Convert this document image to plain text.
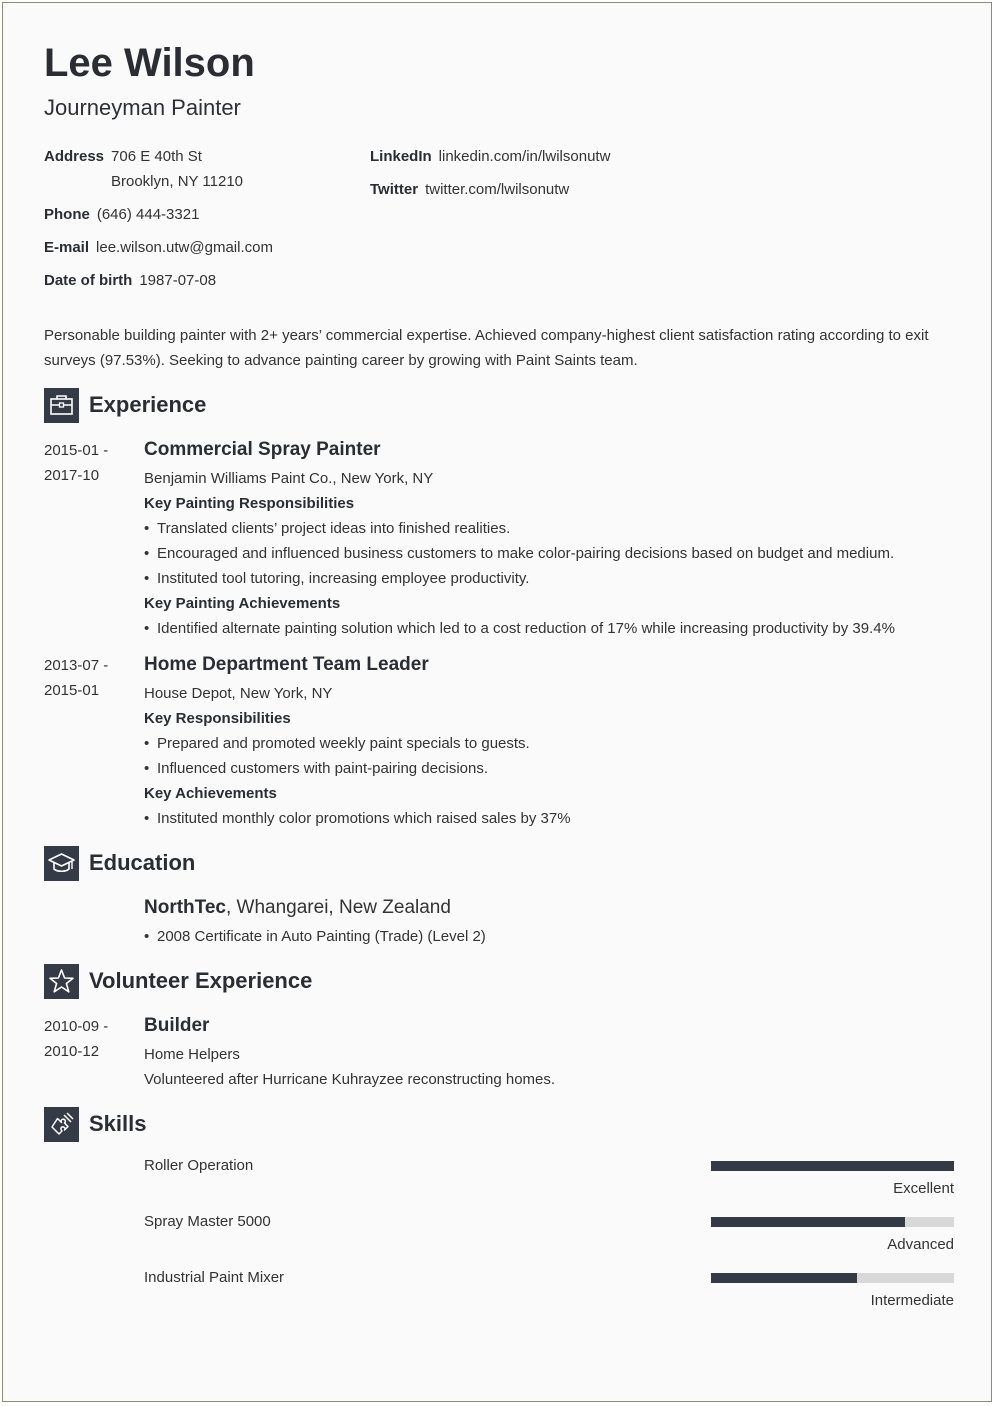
Lee Wilson
Journeyman Painter
Address 706 E 40th St
Brooklyn, NY 11210
Phone (646) 444-3321
E-mail lee.wilson.utw@gmail.com
Date of birth 1987-07-08
LinkedIn linkedin.com/in/lwilsonutw
Twitter twitter.com/lwilsonutw
Personable building painter with 2+ years’ commercial expertise. Achieved company-highest client satisfaction rating according to exit surveys (97.53%). Seeking to advance painting career by growing with Paint Saints team.
Experience
2015-01 -
2017-10
Commercial Spray Painter
Benjamin Williams Paint Co., New York, NY
Key Painting Responsibilities
• Translated clients’ project ideas into finished realities.
• Encouraged and influenced business customers to make color-pairing decisions based on budget and medium.
• Instituted tool tutoring, increasing employee productivity.
Key Painting Achievements
• Identified alternate painting solution which led to a cost reduction of 17% while increasing productivity by 39.4%
2013-07 -
2015-01
Home Department Team Leader
House Depot, New York, NY
Key Responsibilities
• Prepared and promoted weekly paint specials to guests.
• Influenced customers with paint-pairing decisions.
Key Achievements
• Instituted monthly color promotions which raised sales by 37%
Education
NorthTec, Whangarei, New Zealand
• 2008 Certificate in Auto Painting (Trade) (Level 2)
Volunteer Experience
2010-09 -
2010-12
Builder
Home Helpers
Volunteered after Hurricane Kuhrayzee reconstructing homes.
Skills
Roller Operation
Excellent
Spray Master 5000
Advanced
Industrial Paint Mixer
Intermediate
